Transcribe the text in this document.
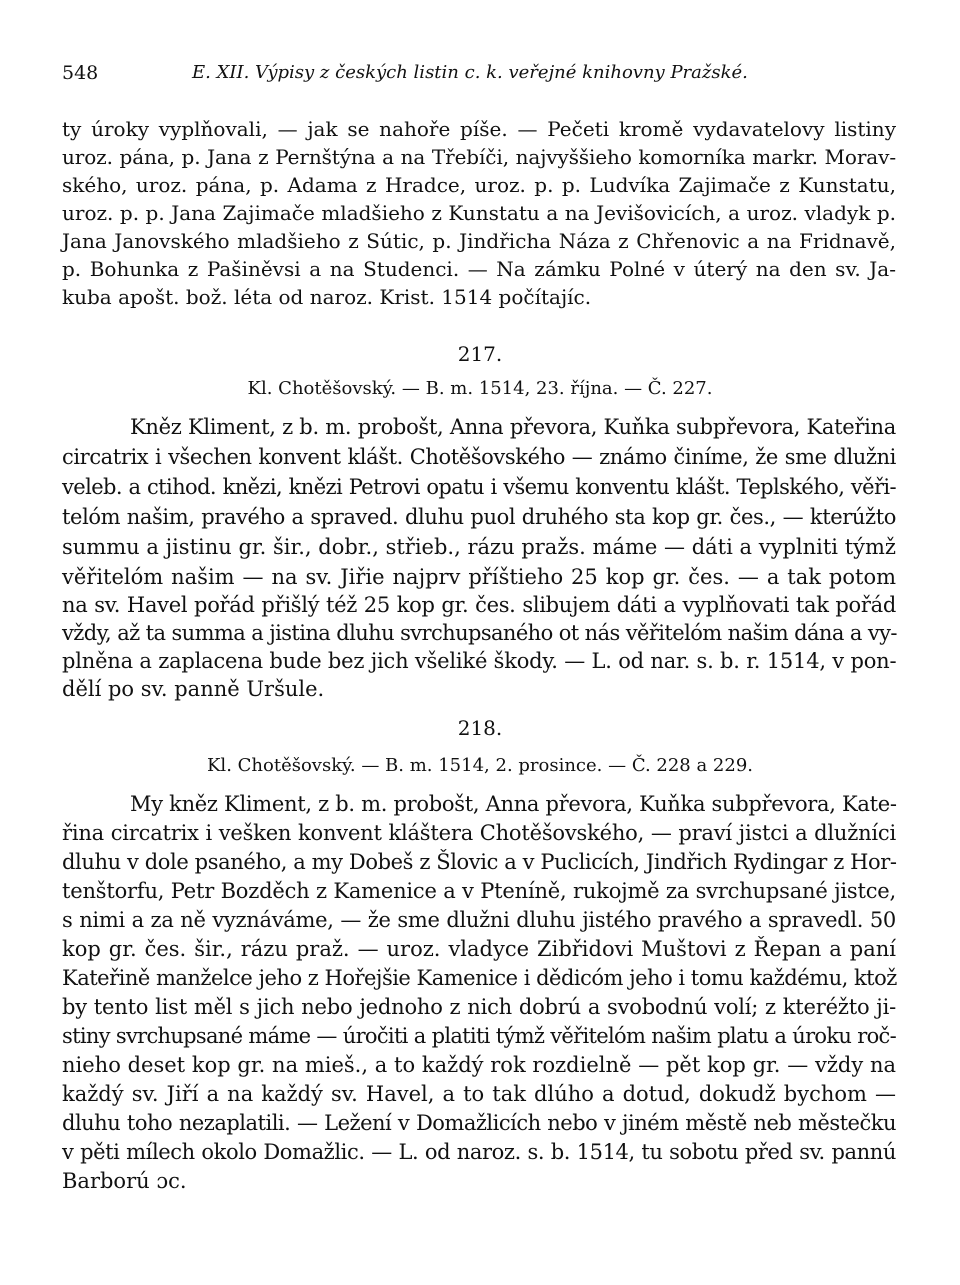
548	E. XII. Výpisy z českých listin c. k. veřejné knihovny Pražské.
ty úroky vyplňovali, — jak se nahoře píše. — Pečeti kromě vydavatelovy listiny
uroz. pána, p. Jana z Pernštýna a na Třebíči, najvyššieho komorníka markr. Morav-
ského, uroz. pána, p. Adama z Hradce, uroz. p. p. Ludvíka Zajimače z Kunstatu,
uroz. p. p. Jana Zajimače mladšieho z Kunstatu a na Jevišovicích, a uroz. vladyk p.
Jana Janovského mladšieho z Sútic, p. Jindřicha Náza z Chřenovic a na Fridnavě,
p. Bohunka z Pašiněvsi a na Studenci. — Na zámku Polné v úterý na den sv. Ja-
kuba apošt. bož. léta od naroz. Krist. 1514 počítajíc.
217.
Kl. Chotěšovský. — B. m. 1514, 23. října. — Č. 227.
Kněz Kliment, z b. m. probošt, Anna převora, Kuňka subpřevora, Kateřina
circatrix i všechen konvent klášt. Chotěšovského — známo činíme, že sme dlužni
veleb. a ctihod. knězi, knězi Petrovi opatu i všemu konventu klášt. Teplského, věři-
telóm našim, pravého a spraved. dluhu puol druhého sta kop gr. čes., — kterúžto
summu a jistinu gr. šir., dobr., střieb., rázu pražs. máme — dáti a vyplniti týmž
věřitelóm našim — na sv. Jiřie najprv příštieho 25 kop gr. čes. — a tak potom
na sv. Havel pořád přišlý též 25 kop gr. čes. slibujem dáti a vyplňovati tak pořád
vždy, až ta summa a jistina dluhu svrchupsaného ot nás věřitelóm našim dána a vy-
plněna a zaplacena bude bez jich všeliké škody. — L. od nar. s. b. r. 1514, v pon-
dělí po sv. panně Uršule.
218.
Kl. Chotěšovský. — B. m. 1514, 2. prosince. — Č. 228 a 229.
My kněz Kliment, z b. m. probošt, Anna převora, Kuňka subpřevora, Kate-
řina circatrix i vešken konvent kláštera Chotěšovského, — praví jistci a dlužníci
dluhu v dole psaného, a my Dobeš z Šlovic a v Puclicích, Jindřich Rydingar z Hor-
tenštorfu, Petr Bozděch z Kamenice a v Pteníně, rukojmě za svrchupsané jistce,
s nimi a za ně vyznáváme, — že sme dlužni dluhu jistého pravého a spravedl. 50
kop gr. čes. šir., rázu praž. — uroz. vladyce Zibřidovi Muštovi z Řepan a paní
Kateřině manželce jeho z Hořejšie Kamenice i dědicóm jeho i tomu každému, ktož
by tento list měl s jich nebo jednoho z nich dobrú a svobodnú volí; z kteréžto ji-
stiny svrchupsané máme — úročiti a platiti týmž věřitelóm našim platu a úroku roč-
nieho deset kop gr. na mieš., a to každý rok rozdielně — pět kop gr. — vždy na
každý sv. Jiří a na každý sv. Havel, a to tak dlúho a dotud, dokudž bychom —
dluhu toho nezaplatili. — Ležení v Domažlicích nebo v jiném městě neb městečku
v pěti mílech okolo Domažlic. — L. od naroz. s. b. 1514, tu sobotu před sv. pannú
Barború ɔc.
